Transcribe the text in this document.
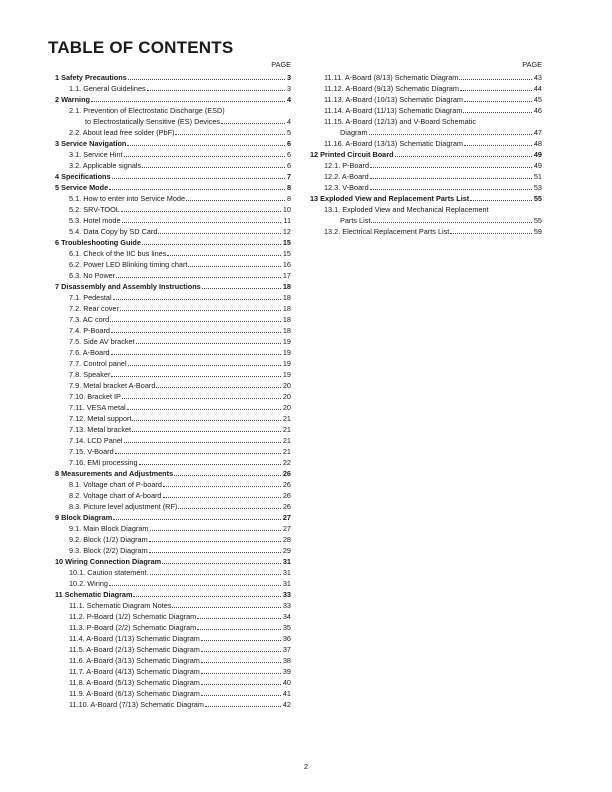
TABLE OF CONTENTS
PAGE
1 Safety Precautions	3
1.1. General Guidelines	3
2 Warning	4
2.1. Prevention of Electrostatic Discharge (ESD)
to Electrostatically Sensitive (ES) Devices	4
2.2. About lead free solder (PbF)	5
3 Service Navigation	6
3.1. Service Hint	6
3.2. Applicable signals	6
4 Specifications	7
5 Service Mode	8
5.1. How to enter into Service Mode	8
5.2. SRV-TOOL	10
5.3. Hotel mode	11
5.4. Data Copy by SD Card	12
6 Troubleshooting Guide	15
6.1. Check of the IIC bus lines	15
6.2. Power LED Blinking timing chart	16
6.3. No Power	17
7 Disassembly and Assembly Instructions	18
7.1. Pedestal	18
7.2. Rear cover	18
7.3. AC cord	18
7.4. P-Board	18
7.5. Side AV bracket	19
7.6. A-Board	19
7.7. Control panel	19
7.8. Speaker	19
7.9. Metal bracket A-Board	20
7.10. Bracket IP	20
7.11. VESA metal	20
7.12. Metal support	21
7.13. Metal bracket	21
7.14. LCD Panel	21
7.15. V-Board	21
7.16. EMI processing	22
8 Measurements and Adjustments	26
8.1. Voltage chart of P-board	26
8.2. Voltage chart of A-board	26
8.3. Picture level adjustment (RF)	26
9 Block Diagram	27
9.1. Main Block Diagram	27
9.2. Block (1/2) Diagram	28
9.3. Block (2/2) Diagram	29
10 Wiring Connection Diagram	31
10.1. Caution statement.	31
10.2. Wiring	31
11 Schematic Diagram	33
11.1. Schematic Diagram Notes	33
11.2. P-Board (1/2) Schematic Diagram	34
11.3. P-Board (2/2) Schematic Diagram	35
11.4. A-Board (1/13) Schematic Diagram	36
11.5. A-Board (2/13) Schematic Diagram	37
11.6. A-Board (3/13) Schematic Diagram	38
11.7. A-Board (4/13) Schematic Diagram	39
11.8. A-Board (5/13) Schematic Diagram	40
11.9. A-Board (6/13) Schematic Diagram	41
11.10. A-Board (7/13) Schematic Diagram	42
PAGE
11.11. A-Board (8/13) Schematic Diagram	43
11.12. A-Board (9/13) Schematic Diagram	44
11.13. A-Board (10/13) Schematic Diagram	45
11.14. A-Board (11/13) Schematic Diagram	46
11.15. A-Board (12/13) and V-Board Schematic
Diagram	47
11.16. A-Board (13/13) Schematic Diagram	48
12 Printed Circuit Board	49
12.1. P-Board	49
12.2. A-Board	51
12.3. V-Board	53
13 Exploded View and Replacement Parts List	55
13.1. Exploded View and Mechanical Replacement
Parts List	55
13.2. Electrical Replacement Parts List	59
2
